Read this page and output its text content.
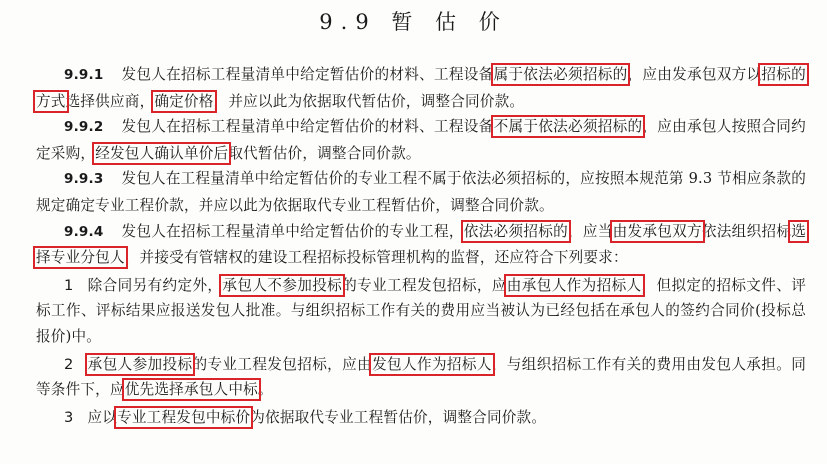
9.9 暂 估 价

9.9.1 发包人在招标工程量清单中给定暂估价的材料、工程设备属于依法必须招标的，应由发承包双方以招标的方式选择供应商，确定价格，并应以此为依据取代暂估价，调整合同价款。

9.9.2 发包人在招标工程量清单中给定暂估价的材料、工程设备不属于依法必须招标的，应由承包人按照合同约定采购，经发包人确认单价后取代暂估价，调整合同价款。

9.9.3 发包人在工程量清单中给定暂估价的专业工程不属于依法必须招标的，应按照本规范第 9.3 节相应条款的规定确定专业工程价款，并应以此为依据取代专业工程暂估价，调整合同价款。

9.9.4 发包人在招标工程量清单中给定暂估价的专业工程，依法必须招标的，应当由发承包双方依法组织招标选择专业分包人，并接受有管辖权的建设工程招标投标管理机构的监督，还应符合下列要求：

1 除合同另有约定外，承包人不参加投标的专业工程发包招标，应由承包人作为招标人，但拟定的招标文件、评标工作、评标结果应报送发包人批准。与组织招标工作有关的费用应当被认为已经包括在承包人的签约合同价(投标总报价)中。

2 承包人参加投标的专业工程发包招标，应由发包人作为招标人，与组织招标工作有关的费用由发包人承担。同等条件下，应优先选择承包人中标。

3 应以专业工程发包中标价为依据取代专业工程暂估价，调整合同价款。
